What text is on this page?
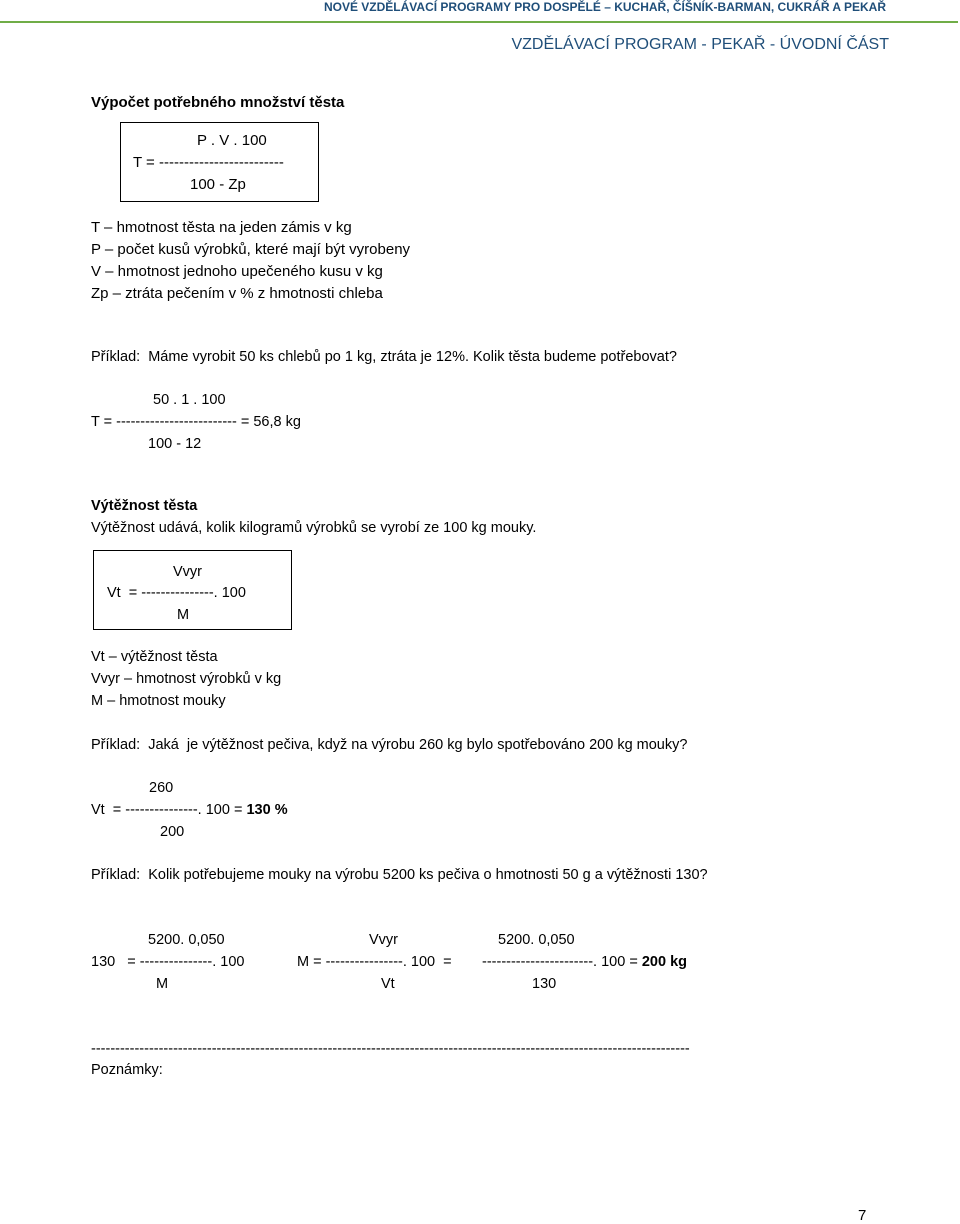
NOVÉ VZDĚLÁVACÍ PROGRAMY PRO DOSPĚLÉ – KUCHAŘ, ČÍŠNÍK-BARMAN, CUKRÁŘ A PEKAŘ
VZDĚLÁVACÍ PROGRAM - PEKAŘ - ÚVODNÍ ČÁST
Výpočet potřebného množství těsta
P . V . 100
T = -------------------------
100 - Zp
T – hmotnost těsta na jeden zámis v kg
P – počet kusů výrobků, které mají být vyrobeny
V – hmotnost jednoho upečeného kusu v kg
Zp – ztráta pečením v % z hmotnosti chleba
Příklad:  Máme vyrobit 50 ks chlebů po 1 kg, ztráta je 12%. Kolik těsta budeme potřebovat?
50 . 1 . 100
T = ------------------------- = 56,8 kg
100 - 12
Výtěžnost těsta
Výtěžnost udává, kolik kilogramů výrobků se vyrobí ze 100 kg mouky.
Vvyr
Vt  = ---------------. 100
M
Vt – výtěžnost těsta
Vvyr – hmotnost výrobků v kg
M – hmotnost mouky
Příklad:  Jaká  je výtěžnost pečiva, když na výrobu 260 kg bylo spotřebováno 200 kg mouky?
260
Vt  = ---------------. 100 = 130 %
200
Příklad:  Kolik potřebujeme mouky na výrobu 5200 ks pečiva o hmotnosti 50 g a výtěžnosti 130?
5200. 0,050
130   = ---------------. 100
M
Vvyr
M = ----------------. 100  =
Vt
5200. 0,050
-----------------------. 100 = 200 kg
130
----------------------------------------------------------------------------------------------------------------------------
Poznámky:
7
